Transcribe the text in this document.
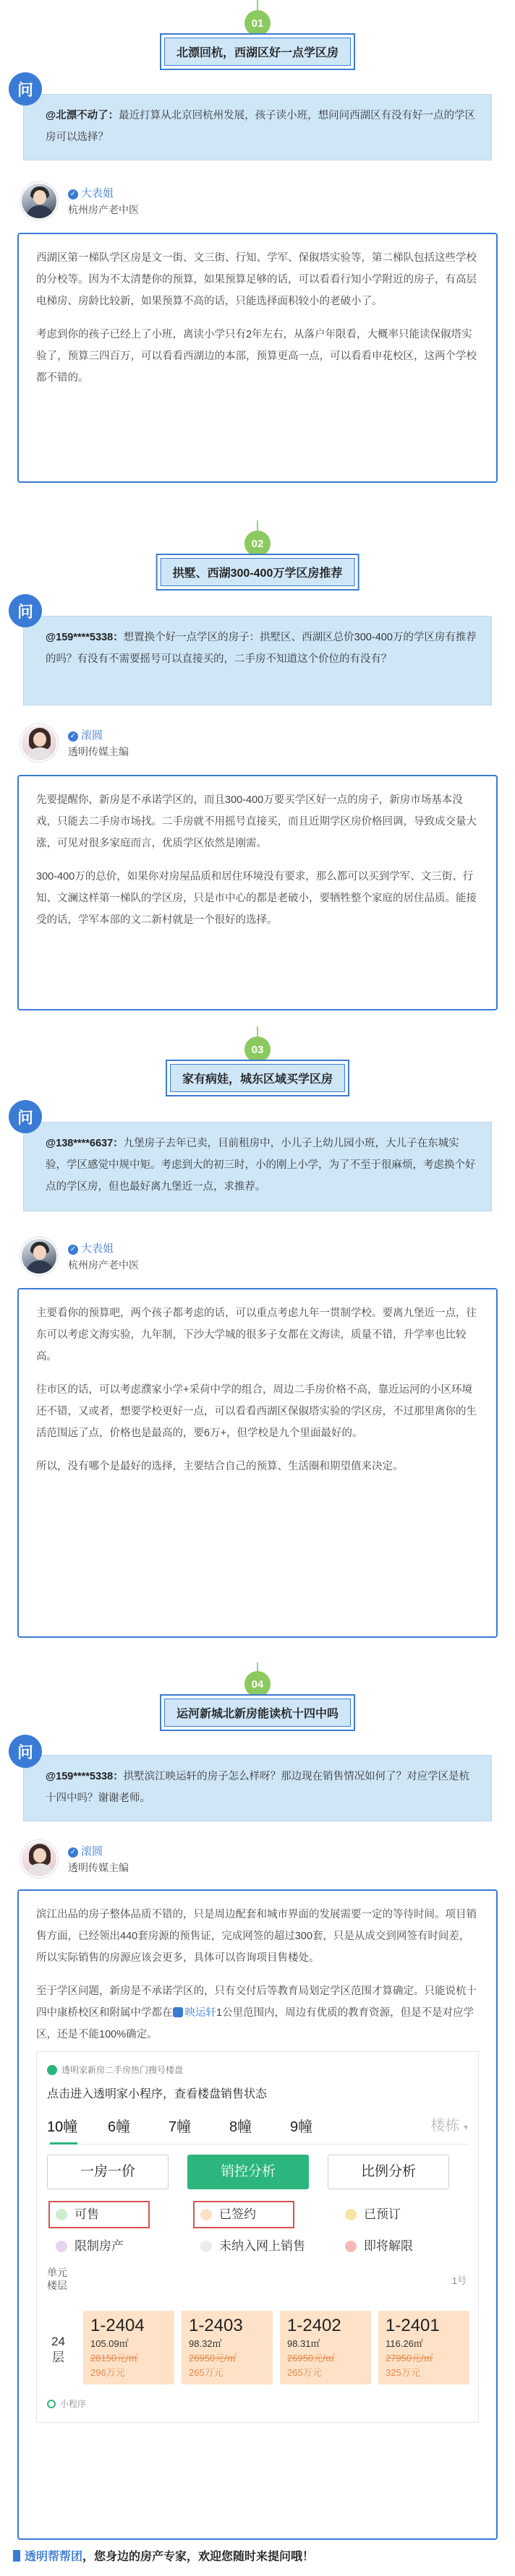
01
北漂回杭，西湖区好一点学区房
问
@北漂不动了：最近打算从北京回杭州发展，孩子读小班，想问问西湖区有没有好一点的学区房可以选择？
✓ 大表姐
杭州房产老中医

西湖区第一梯队学区房是文一街、文三街、行知、学军、保俶塔实验等，第二梯队包括这些学校的分校等。因为不太清楚你的预算，如果预算足够的话，可以看看行知小学附近的房子，有高层电梯房、房龄比较新，如果预算不高的话，只能选择面积较小的老破小了。

考虑到你的孩子已经上了小班，离读小学只有2年左右，从落户年限看，大概率只能读保俶塔实验了，预算三四百万，可以看看西湖边的本部，预算更高一点，可以看看申花校区，这两个学校都不错的。

02
拱墅、西湖300-400万学区房推荐
问
@159****5338：想置换个好一点学区的房子：拱墅区、西湖区总价300-400万的学区房有推荐的吗？有没有不需要摇号可以直接买的，二手房不知道这个价位的有没有？
✓ 滚圆
透明传媒主编

先要提醒你，新房是不承诺学区的，而且300-400万要买学区好一点的房子，新房市场基本没戏，只能去二手房市场找。二手房就不用摇号直接买，而且近期学区房价格回调，导致成交量大涨，可见对很多家庭而言，优质学区依然是刚需。

300-400万的总价，如果你对房屋品质和居住环境没有要求，那么都可以买到学军、文三街、行知、文澜这样第一梯队的学区房，只是市中心的都是老破小，要牺牲整个家庭的居住品质。能接受的话，学军本部的文二新村就是一个很好的选择。

03
家有病娃，城东区域买学区房
问
@138****6637：九堡房子去年已卖，目前租房中，小儿子上幼儿园小班，大儿子在东城实验，学区感觉中规中矩。考虑到大的初三时，小的刚上小学，为了不至于很麻烦，考虑换个好点的学区房，但也最好离九堡近一点，求推荐。
✓ 大表姐
杭州房产老中医

主要看你的预算吧，两个孩子都考虑的话，可以重点考虑九年一贯制学校。要离九堡近一点，往东可以考虑文海实验，九年制，下沙大学城的很多子女都在文海读，质量不错，升学率也比较高。

往市区的话，可以考虑濮家小学+采荷中学的组合，周边二手房价格不高，靠近运河的小区环境还不错，又或者，想要学校更好一点，可以看看西湖区保俶塔实验的学区房，不过那里离你的生活范围远了点，价格也是最高的，要6万+，但学校是九个里面最好的。

所以，没有哪个是最好的选择，主要结合自己的预算、生活圈和期望值来决定。

04
运河新城北新房能读杭十四中吗
问
@159****5338：拱墅滨江映运轩的房子怎么样呀？那边现在销售情况如何了？对应学区是杭十四中吗？谢谢老师。
✓ 滚圆
透明传媒主编

滨江出品的房子整体品质不错的，只是周边配套和城市界面的发展需要一定的等待时间。项目销售方面，已经领出440套房源的预售证，完成网签的超过300套，只是从成交到网签有时间差，所以实际销售的房源应该会更多，具体可以咨询项目售楼处。

至于学区问题，新房是不承诺学区的，只有交付后等教育局划定学区范围才算确定。只能说杭十四中康桥校区和附属中学都在 映运轩1公里范围内，周边有优质的教育资源，但是不是对应学区，还是不能100%确定。

透明家新房二手房热门搜号楼盘
点击进入透明家小程序，查看楼盘销售状态
10幢	6幢	7幢	8幢	9幢	楼栋 ▾
一房一价	销控分析	比例分析
可售	已签约	已预订
限制房产	未纳入网上销售	即将解限
单元
楼层	1号
24
层
1-2404
105.09㎡
28150元/㎡
296万元
1-2403
98.32㎡
26950元/㎡
265万元
1-2402
98.31㎡
26950元/㎡
265万元
1-2401
116.26㎡
27950元/㎡
325万元
小程序
透明帮帮团，您身边的房产专家，欢迎您随时来提问哦！
